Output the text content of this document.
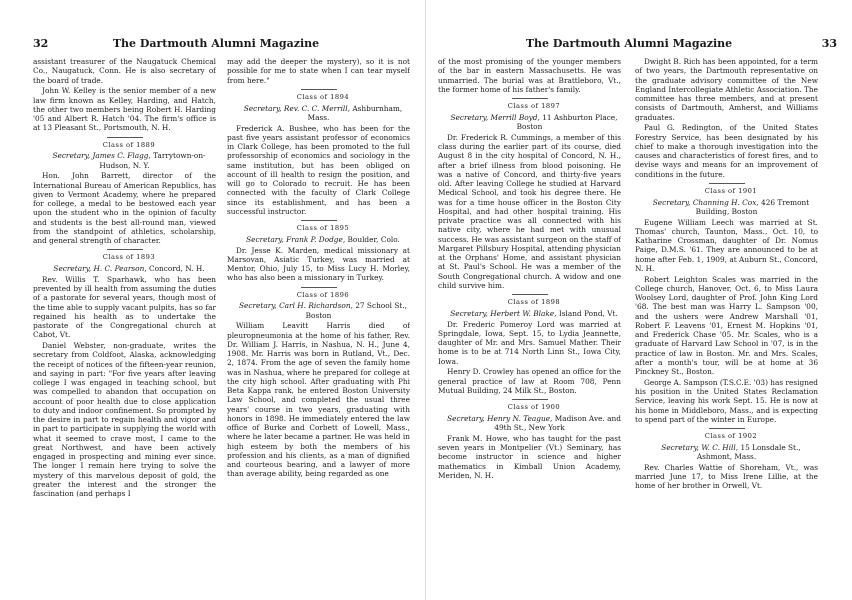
32	The Dartmouth Alumni Magazine

assistant treasurer of the Naugatuck Chemical Co., Naugatuck, Conn. He is also secretary of the board of trade.

John W. Kelley is the senior member of a new law firm known as Kelley, Harding, and Hatch, the other two members being Robert H. Harding '05 and Albert R. Hatch '04. The firm's office is at 13 Pleasant St., Portsmouth, N. H.

Class of 1889

Secretary, James C. Flagg, Tarrytown-on-Hudson, N. Y.

Hon. John Barrett, director of the International Bureau of American Republics, has given to Vermont Academy, where he prepared for college, a medal to be bestowed each year upon the student who in the opinion of faculty and students is the best all-round man, viewed from the standpoint of athletics, scholarship, and general strength of character.

Class of 1893

Secretary, H. C. Pearson, Concord, N. H.

Rev. Willis T. Sparhawk, who has been prevented by ill health from assuming the duties of a pastorate for several years, though most of the time able to supply vacant pulpits, has so far regained his health as to undertake the pastorate of the Congregational church at Cabot, Vt.

Daniel Webster, non-graduate, writes the secretary from Coldfoot, Alaska, acknowledging the receipt of notices of the fifteen-year reunion, and saying in part: "For five years after leaving college I was engaged in teaching school, but was compelled to abandon that occupation on account of poor health due to close application to duty and indoor confinement. So prompted by the desire in part to regain health and vigor and in part to participate in supplying the world with what it seemed to crave most, I came to the great Northwest, and have been actively engaged in prospecting and mining ever since. The longer I remain here trying to solve the mystery of this marvelous deposit of gold, the greater the interest and the stronger the fascination (and perhaps I

may add the deeper the mystery), so it is not possible for me to state when I can tear myself from here."

Class of 1894

Secretary, Rev. C. C. Merrill, Ashburnham, Mass.

Frederick A. Bushee, who has been for the past five years assistant professor of economics in Clark College, has been promoted to the full professorship of economics and sociology in the same institution, but has been obliged on account of ill health to resign the position, and will go to Colorado to recruit. He has been connected with the faculty of Clark College since its establishment, and has been a successful instructor.

Class of 1895

Secretary, Frank P. Dodge, Boulder, Colo.

Dr. Jesse K. Marden, medical missionary at Marsovan, Asiatic Turkey, was married at Mentor, Ohio, July 15, to Miss Lucy H. Morley, who has also been a missionary in Turkey.

Class of 1896

Secretary, Carl H. Richardson, 27 School St., Boston

William Leavitt Harris died of pleuropneumonia at the home of his father, Rev. Dr. William J. Harris, in Nashua, N. H., June 4, 1908. Mr. Harris was born in Rutland, Vt., Dec. 2, 1874. From the age of seven the family home was in Nashua, where he prepared for college at the city high school. After graduating with Phi Beta Kappa rank, he entered Boston University Law School, and completed the usual three years' course in two years, graduating with honors in 1898. He immediately entered the law office of Burke and Corbett of Lowell, Mass., where he later became a partner. He was held in high esteem by both the members of his profession and his clients, as a man of dignified and courteous bearing, and a lawyer of more than average ability, being regarded as one

The Dartmouth Alumni Magazine	33

of the most promising of the younger members of the bar in eastern Massachusetts. He was unmarried. The burial was at Brattleboro, Vt., the former home of his father's family.

Class of 1897

Secretary, Merrill Boyd, 11 Ashburton Place, Boston

Dr. Frederick R. Cummings, a member of this class during the earlier part of its course, died August 8 in the city hospital of Concord, N. H., after a brief illness from blood poisoning. He was a native of Concord, and thirty-five years old. After leaving College he studied at Harvard Medical School, and took his degree there. He was for a time house officer in the Boston City Hospital, and had other hospital training. His private practice was all connected with his native city, where he had met with unusual success. He was assistant surgeon on the staff of Margaret Pillsbury Hospital, attending physician at the Orphans' Home, and assistant physician at St. Paul's School. He was a member of the South Congregational church. A widow and one child survive him.

Class of 1898

Secretary, Herbert W. Blake, Island Pond, Vt.

Dr. Frederic Pomeroy Lord was married at Springdale, Iowa, Sept. 15, to Lydia Jeannette, daughter of Mr. and Mrs. Samuel Mather. Their home is to be at 714 North Linn St., Iowa City, Iowa.

Henry D. Crowley has opened an office for the general practice of law at Room 708, Penn Mutual Building, 24 Milk St., Boston.

Class of 1900

Secretary, Henry N. Teague, Madison Ave. and 49th St., New York

Frank M. Howe, who has taught for the past seven years in Montpelier (Vt.) Seminary, has become instructor in science and higher mathematics in Kimball Union Academy, Meriden, N. H.

Dwight B. Rich has been appointed, for a term of two years, the Dartmouth representative on the graduate advisory committee of the New England Intercollegiate Athletic Association. The committee has three members, and at present consists of Dartmouth, Amherst, and Williams graduates.

Paul G. Redington, of the United States Forestry Service, has been designated by his chief to make a thorough investigation into the causes and characteristics of forest fires, and to devise ways and means for an improvement of conditions in the future.

Class of 1901

Secretary, Channing H. Cox, 426 Tremont Building, Boston

Eugene William Leech was married at St. Thomas' church, Taunton, Mass., Oct. 10, to Katharine Crossman, daughter of Dr. Nomus Paige, D.M.S. '61. They are announced to be at home after Feb. 1, 1909, at Auburn St., Concord, N. H.

Robert Leighton Scales was married in the College church, Hanover, Oct. 6, to Miss Laura Woolsey Lord, daughter of Prof. John King Lord '68. The best man was Harry L. Sampson '00, and the ushers were Andrew Marshall '01, Robert F. Leavens '01, Ernest M. Hopkins '01, and Frederick Chase '05. Mr. Scales, who is a graduate of Harvard Law School in '07, is in the practice of law in Boston. Mr. and Mrs. Scales, after a month's tour, will be at home at 36 Pinckney St., Boston.

George A. Sampson (T.S.C.E. '03) has resigned his position in the United States Reclamation Service, leaving his work Sept. 15. He is now at his home in Middleboro, Mass., and is expecting to spend part of the winter in Europe.

Class of 1902

Secretary, W. C. Hill, 15 Lonsdale St., Ashmont, Mass.

Rev. Charles Wattie of Shoreham, Vt., was married June 17, to Miss Irene Lillie, at the home of her brother in Orwell, Vt.
